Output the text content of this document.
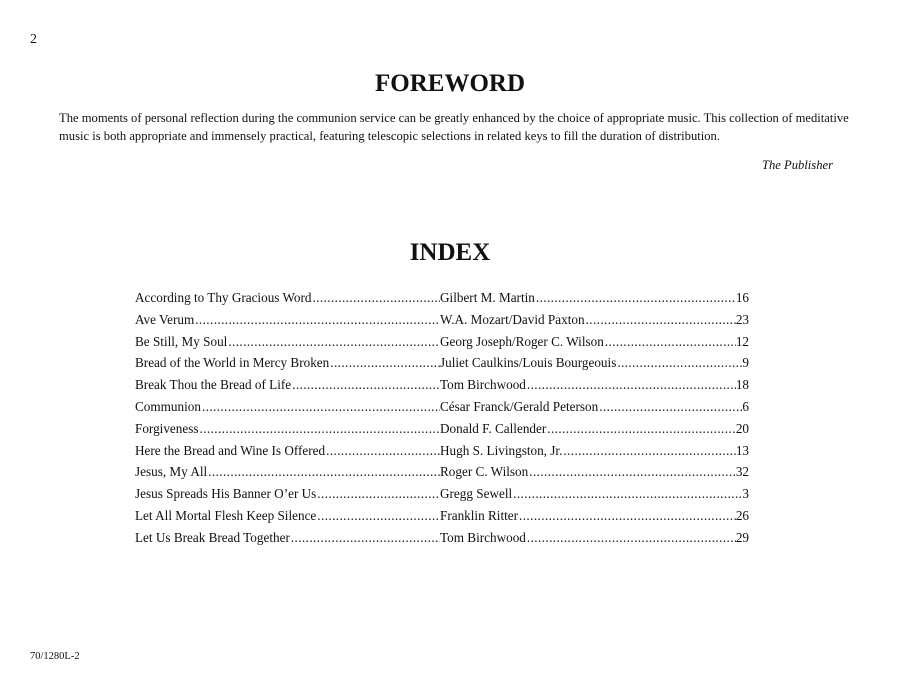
2
FOREWORD

The moments of personal reflection during the communion service can be greatly enhanced by the choice of appropriate music. This collection of meditative music is both appropriate and immensely practical, featuring telescopic selections in related keys to fill the duration of distribution.

The Publisher
INDEX
According to Thy Gracious Word .....	Gilbert M. Martin .....	16
Ave Verum .....	W.A. Mozart/David Paxton .....	23
Be Still, My Soul .....	Georg Joseph/Roger C. Wilson .....	12
Bread of the World in Mercy Broken .....	Juliet Caulkins/Louis Bourgeouis .....	9
Break Thou the Bread of Life .....	Tom Birchwood .....	18
Communion .....	César Franck/Gerald Peterson .....	6
Forgiveness .....	Donald F. Callender .....	20
Here the Bread and Wine Is Offered .....	Hugh S. Livingston, Jr. .....	13
Jesus, My All .....	Roger C. Wilson .....	32
Jesus Spreads His Banner O’er Us .....	Gregg Sewell .....	3
Let All Mortal Flesh Keep Silence .....	Franklin Ritter .....	26
Let Us Break Bread Together .....	Tom Birchwood .....	29
70/1280L-2
